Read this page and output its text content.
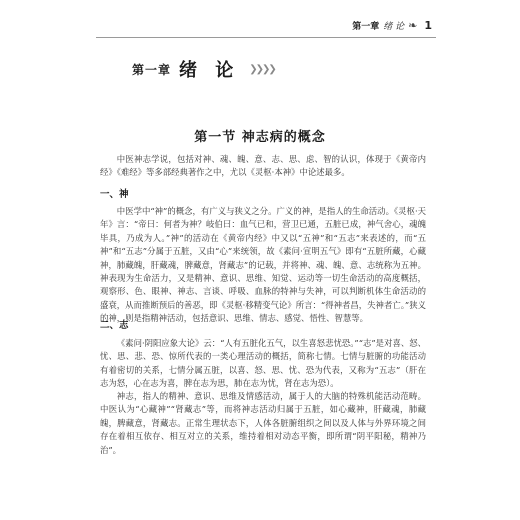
第一章 绪 论 ❧ 1
第一章 绪 论 ❯❯❯❯
第一节 神志病的概念

中医神志学说，包括对神、魂、魄、意、志、思、虑、智的认识，体现于《黄帝内经》《难经》等多部经典著作之中，尤以《灵枢·本神》中论述最多。

一、神

中医学中“神”的概念，有广义与狭义之分。广义的神，是指人的生命活动。《灵枢·天年》言：“帝曰：何者为神？岐伯曰：血气已和，营卫已通，五脏已成，神气舍心，魂魄毕具，乃成为人。”神”的活动在《黄帝内经》中又以“五神”和“五志”来表述的，而“五神”和“五志”分属于五脏，又由“心”来统领，故《素问·宣明五气》即有“五脏所藏，心藏神，肺藏魄，肝藏魂，脾藏意，肾藏志”的记载，并将神、魂、魄、意、志统称为五神。神表现为生命活力，又是精神、意识、思维、知觉、运动等一切生命活动的高度概括，观察形、色、眼神、神志、言谈、呼吸、血脉的特神与失神，可以判断机体生命活动的盛衰，从而推断预后的善恶，即《灵枢·移精变气论》所言：“得神者昌，失神者亡。”狭义的神，则是指精神活动，包括意识、思维、情志、感觉、悟性、智慧等。

二、志

《素问·阴阳应象大论》云：“人有五脏化五气，以生喜怒悲忧恐。”“志”是对喜、怒、忧、思、悲、恐、惊所代表的一类心理活动的概括，简称七情。七情与脏腑的功能活动有着密切的关系，七情分属五脏，以喜、怒、思、忧、恐为代表，又称为“五志”（肝在志为怒，心在志为喜，脾在志为思，肺在志为忧，肾在志为恐）。

神志，指人的精神、意识、思维及情感活动，属于人的大脑的特殊机能活动范畴。中医认为“心藏神”“肾藏志”等，而将神志活动归属于五脏，如心藏神，肝藏魂，肺藏魄，脾藏意，肾藏志。正常生理状态下，人体各脏腑组织之间以及人体与外界环境之间存在着相互依存、相互对立的关系，维持着相对动态平衡，即所谓“阴平阳秘，精神乃治”。
